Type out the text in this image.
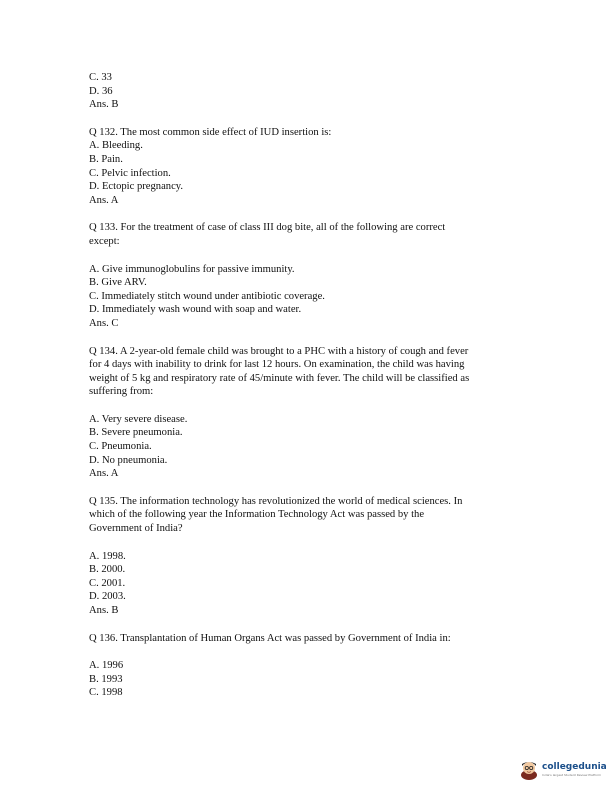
C. 33
D. 36
Ans. B
Q 132. The most common side effect of IUD insertion is:
A. Bleeding.
B. Pain.
C. Pelvic infection.
D. Ectopic pregnancy.
Ans. A
Q 133. For the treatment of case of class III dog bite, all of the following are correct
except:
A. Give immunoglobulins for passive immunity.
B. Give ARV.
C. Immediately stitch wound under antibiotic coverage.
D. Immediately wash wound with soap and water.
Ans. C
Q 134. A 2-year-old female child was brought to a PHC with a history of cough and fever
for 4 days with inability to drink for last 12 hours. On examination, the child was having
weight of 5 kg and respiratory rate of 45/minute with fever. The child will be classified as
suffering from:
A. Very severe disease.
B. Severe pneumonia.
C. Pneumonia.
D. No pneumonia.
Ans. A
Q 135. The information technology has revolutionized the world of medical sciences. In
which of the following year the Information Technology Act was passed by the
Government of India?
A. 1998.
B. 2000.
C. 2001.
D. 2003.
Ans. B
Q 136. Transplantation of Human Organs Act was passed by Government of India in:
A. 1996
B. 1993
C. 1998
collegedunia
India's largest Student Review Platform
